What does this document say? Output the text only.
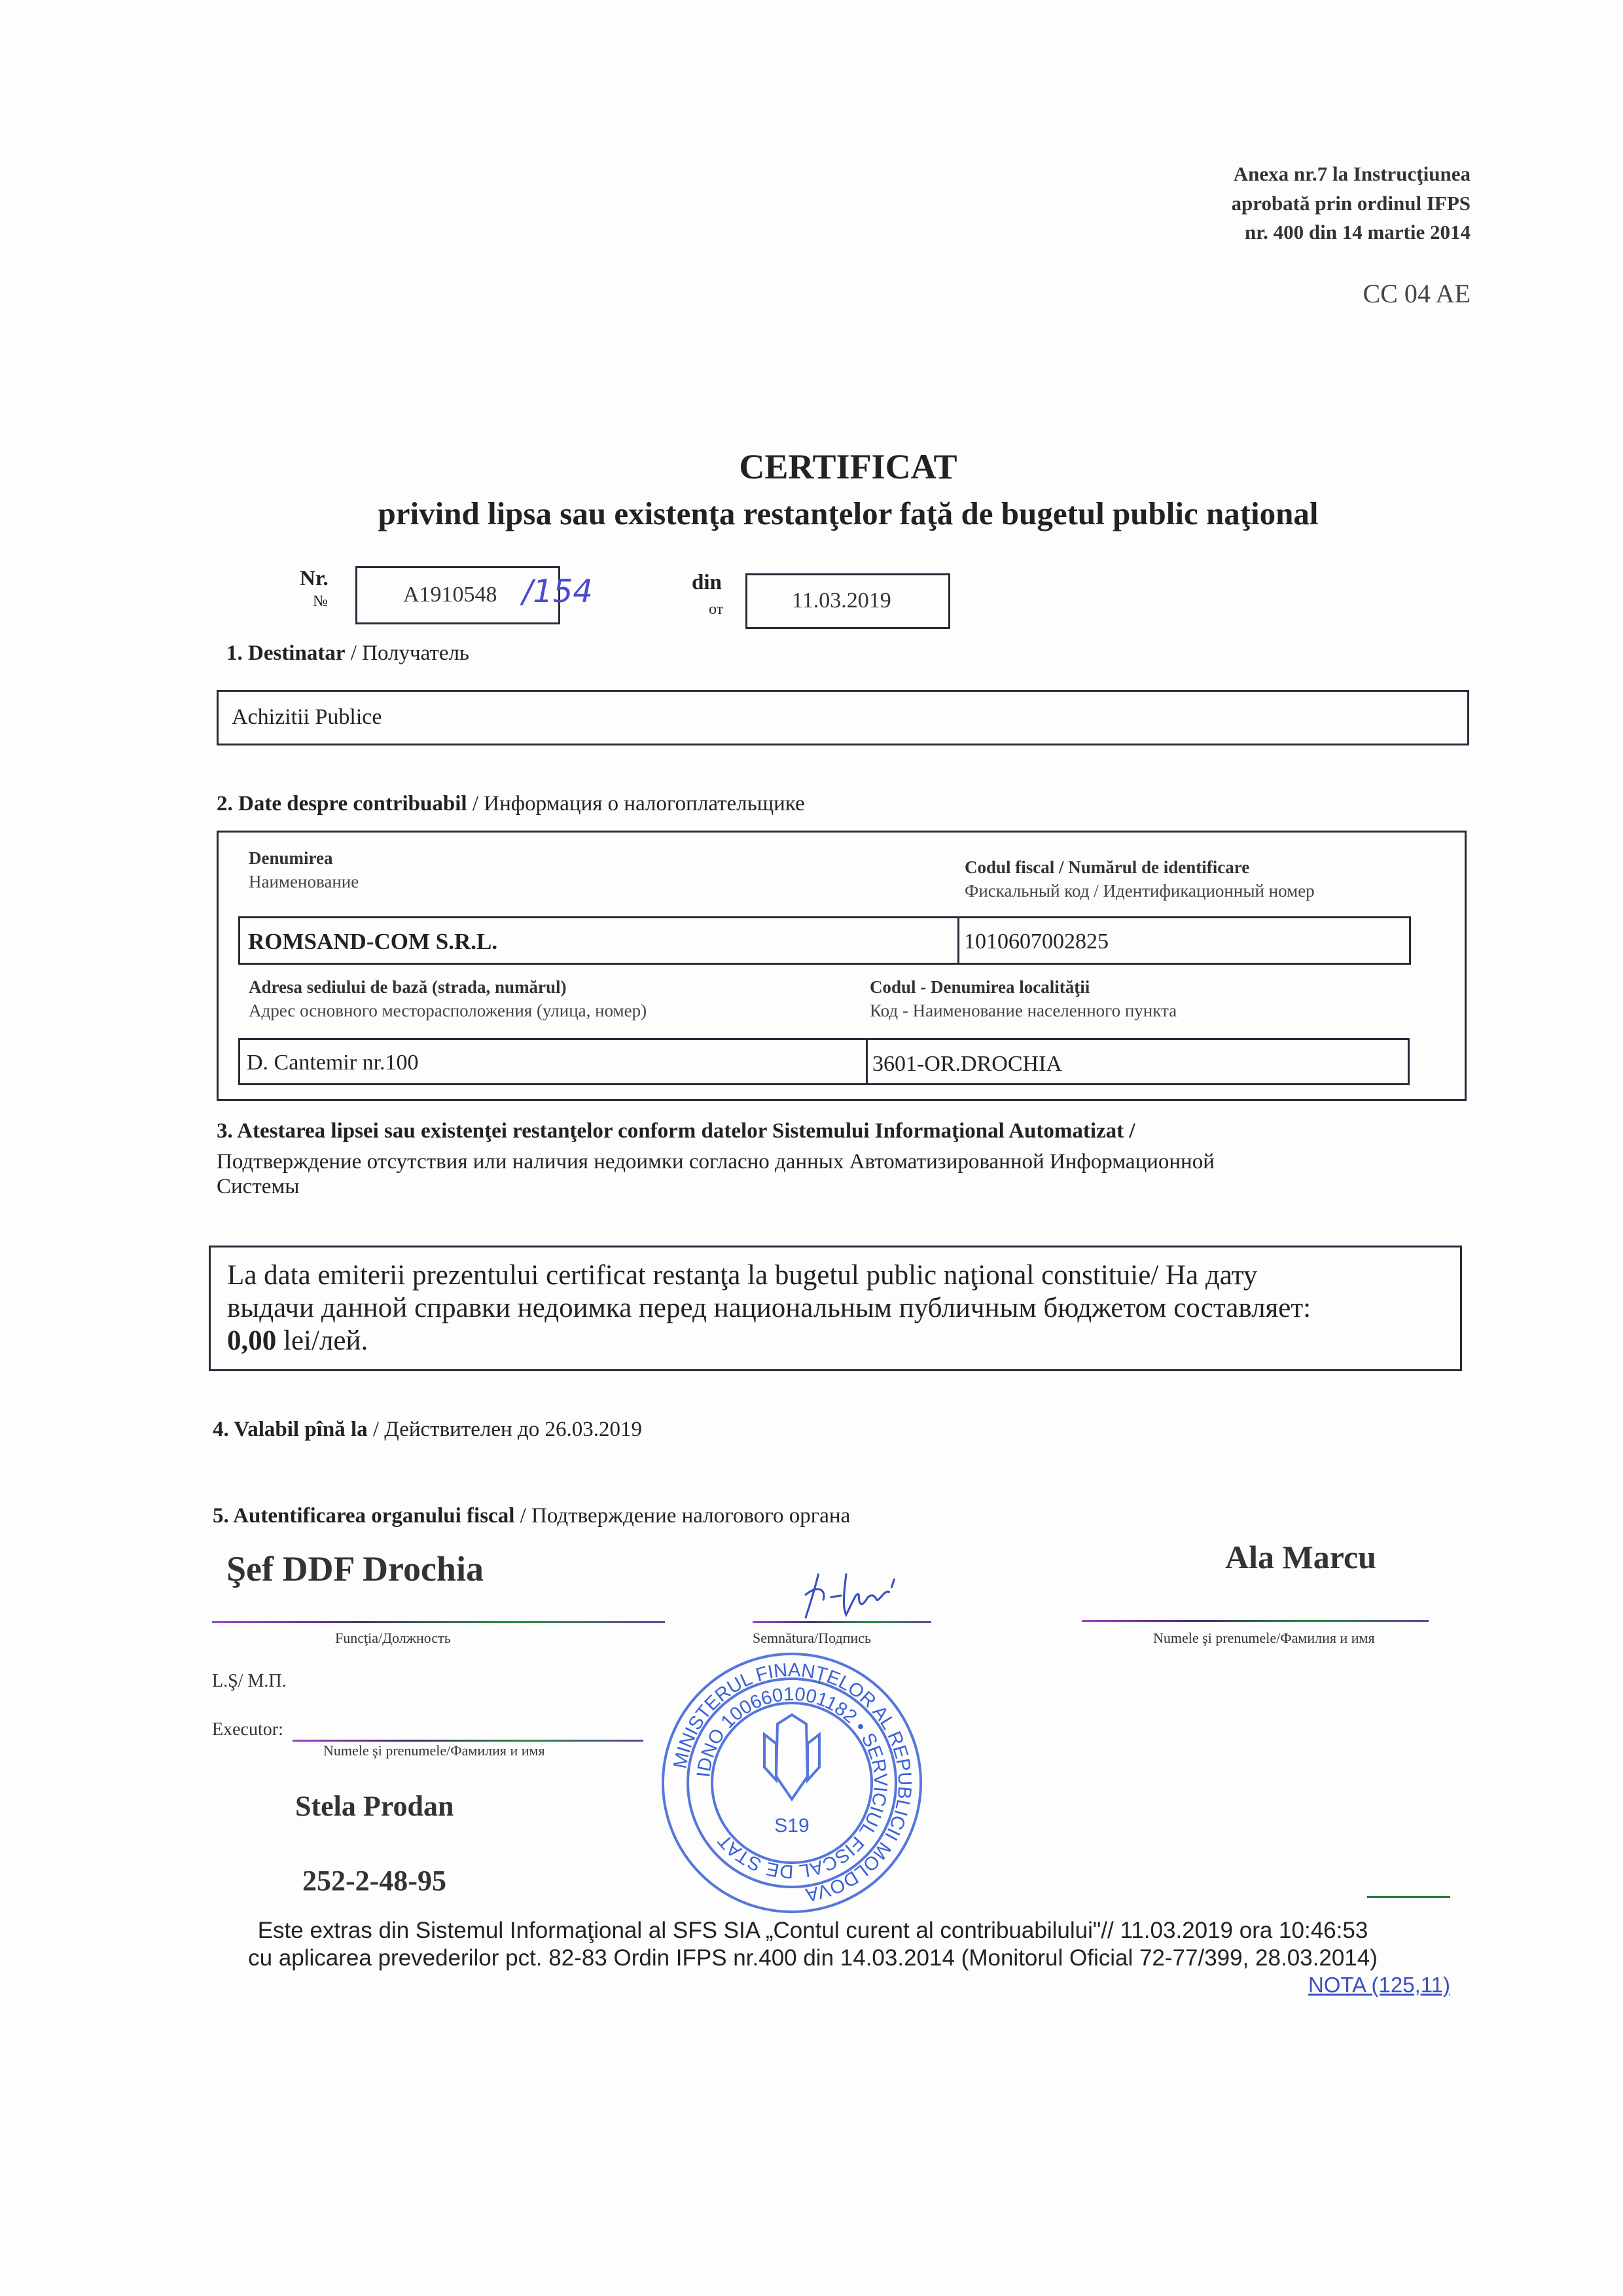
Anexa nr.7 la Instrucţiunea
aprobată prin ordinul IFPS
nr. 400 din 14 martie 2014
CC 04 AE
CERTIFICAT
privind lipsa sau existenţa restanţelor faţă de bugetul public naţional
Nr.
№	A1910548 /154	din
от	11.03.2019
1. Destinatar / Получатель
Achizitii Publice
2. Date despre contribuabil / Информация о налогоплательщике
Denumirea
Наименование
Codul fiscal / Numărul de identificare
Фискальный код / Идентификационный номер
ROMSAND-COM S.R.L.	1010607002825
Adresa sediului de bază (strada, numărul)
Адрес основного месторасположения (улица, номер)
Codul - Denumirea localităţii
Код - Наименование населенного пункта
D. Cantemir nr.100	3601-OR.DROCHIA
3. Atestarea lipsei sau existenţei restanţelor conform datelor Sistemului Informaţional Automatizat /
Подтверждение отсутствия или наличия недоимки согласно данных Автоматизированной Информационной
Системы
La data emiterii prezentului certificat restanţa la bugetul public naţional constituie/ На дату
выдачи данной справки недоимка перед национальным публичным бюджетом составляет:
0,00 lei/лей.
4. Valabil pînă la / Действителен до 26.03.2019
5. Autentificarea organului fiscal / Подтверждение налогового органа
Şef DDF Drochia	Ala Marcu
Funcţia/Должность	Semnătura/Подпись	Numele şi prenumele/Фамилия и имя
L.Ş/ M.П.
Executor:
Numele şi prenumele/Фамилия и имя
Stela Prodan
252-2-48-95
MINISTERUL FINANŢELOR AL REPUBLICII MOLDOVA
IDNO 1006601001182 • SERVICIUL FISCAL DE STAT
S19
Este extras din Sistemul Informaţional al SFS SIA „Contul curent al contribuabilului"// 11.03.2019 ora 10:46:53
cu aplicarea prevederilor pct. 82-83 Ordin IFPS nr.400 din 14.03.2014 (Monitorul Oficial 72-77/399, 28.03.2014)
NOTA (125,11)
